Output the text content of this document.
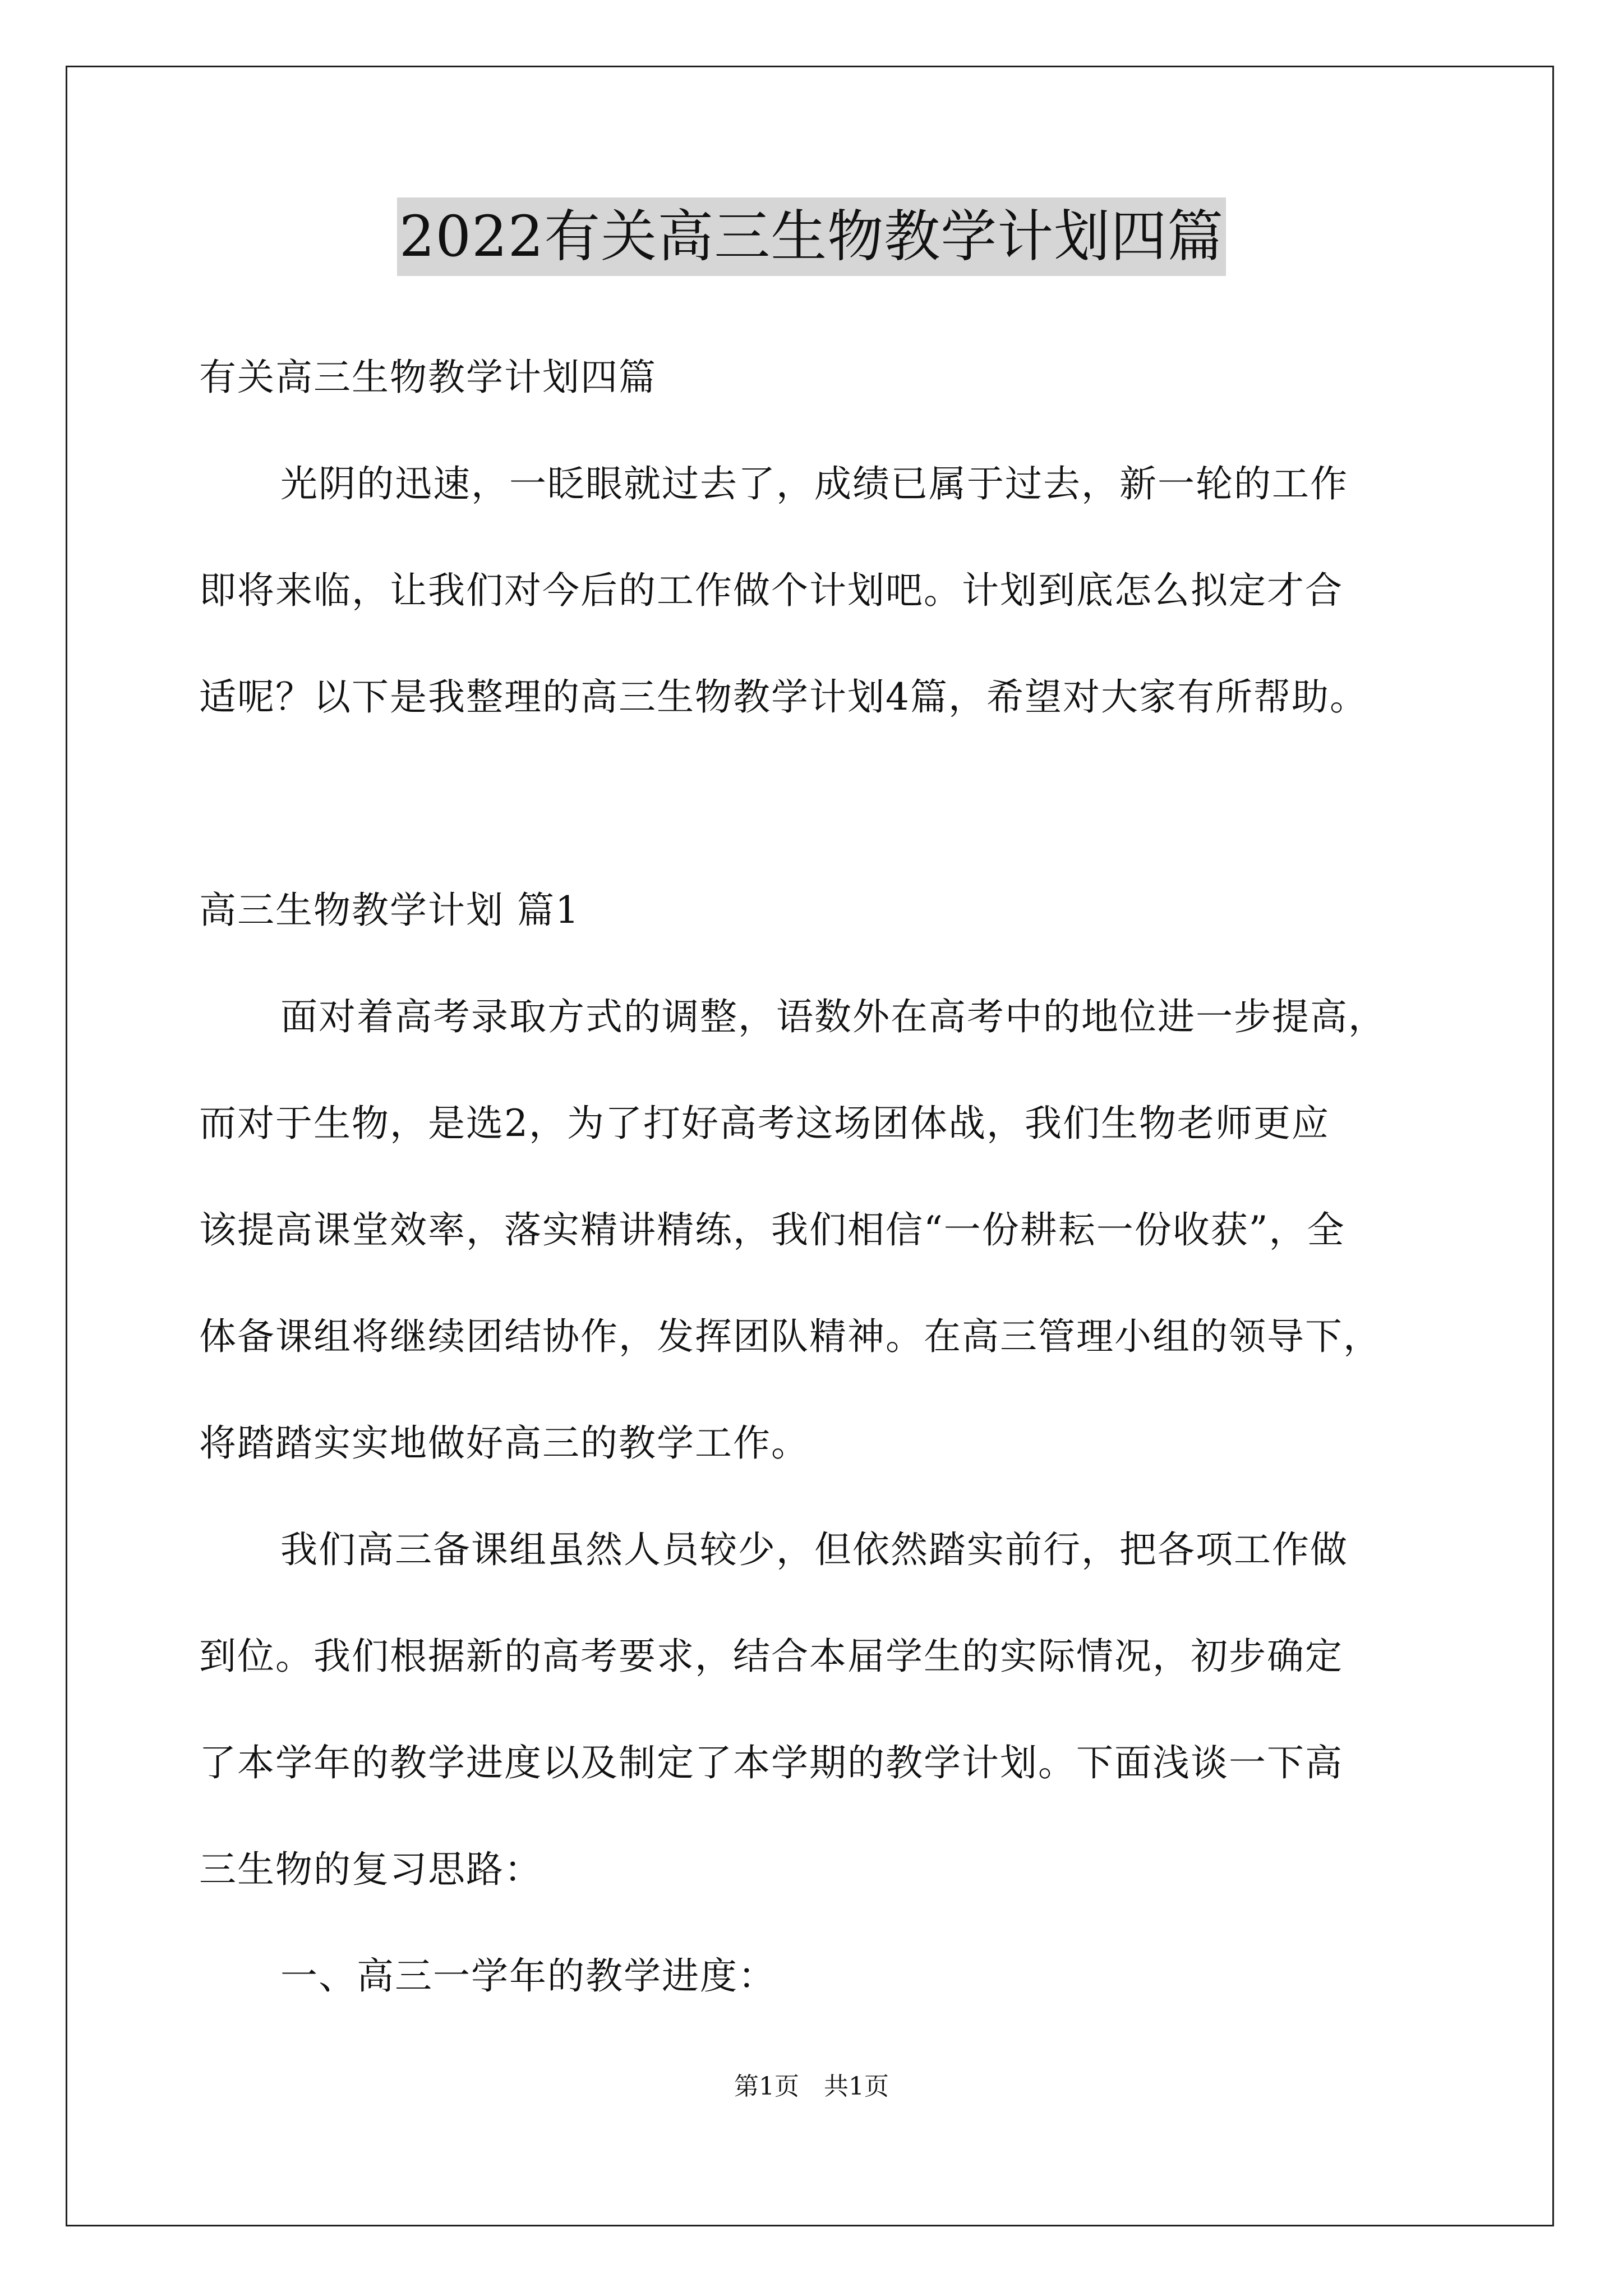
2022有关高三生物教学计划四篇
有关高三生物教学计划四篇
光阴的迅速，一眨眼就过去了，成绩已属于过去，新一轮的工作
即将来临，让我们对今后的工作做个计划吧。计划到底怎么拟定才合
适呢？以下是我整理的高三生物教学计划4篇，希望对大家有所帮助。
高三生物教学计划 篇1
面对着高考录取方式的调整，语数外在高考中的地位进一步提高，
而对于生物，是选2，为了打好高考这场团体战，我们生物老师更应
该提高课堂效率，落实精讲精练，我们相信“一份耕耘一份收获”，全
体备课组将继续团结协作，发挥团队精神。在高三管理小组的领导下，
将踏踏实实地做好高三的教学工作。
我们高三备课组虽然人员较少，但依然踏实前行，把各项工作做
到位。我们根据新的高考要求，结合本届学生的实际情况，初步确定
了本学年的教学进度以及制定了本学期的教学计划。下面浅谈一下高
三生物的复习思路：
一、高三一学年的教学进度：
第1页　共1页
